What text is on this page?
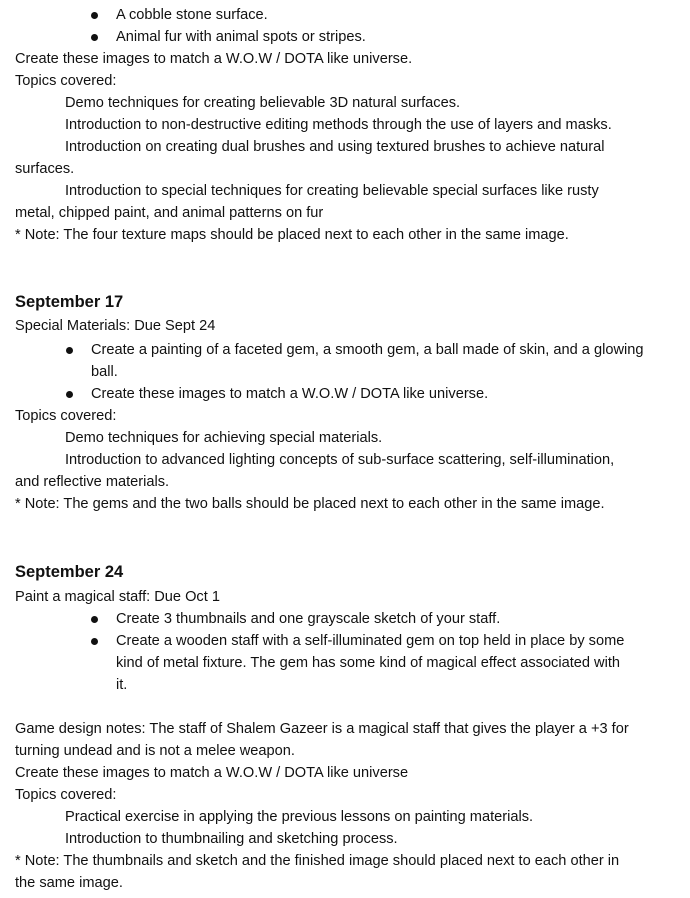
A cobble stone surface.
Animal fur with animal spots or stripes.
Create these images to match a W.O.W / DOTA like universe.
Topics covered:
Demo techniques for creating believable 3D natural surfaces.
Introduction to non-destructive editing methods through the use of layers and masks.
Introduction on creating dual brushes and using textured brushes to achieve natural
surfaces.
Introduction to special techniques for creating believable special surfaces like rusty
metal, chipped paint, and animal patterns on fur
* Note: The four texture maps should be placed next to each other in the same image.
September 17
Special Materials: Due Sept 24
Create a painting of a faceted gem, a smooth gem, a ball made of skin, and a glowing
ball.
Create these images to match a W.O.W / DOTA like universe.
Topics covered:
Demo techniques for achieving special materials.
Introduction to advanced lighting concepts of sub-surface scattering, self-illumination,
and reflective materials.
* Note: The gems and the two balls should be placed next to each other in the same image.
September 24
Paint a magical staff: Due Oct 1
Create 3 thumbnails and one grayscale sketch of your staff.
Create a wooden staff with a self-illuminated gem on top held in place by some
kind of metal fixture. The gem has some kind of magical effect associated with
it.
Game design notes: The staff of Shalem Gazeer is a magical staff that gives the player a +3 for
turning undead and is not a melee weapon.
Create these images to match a W.O.W / DOTA like universe
Topics covered:
Practical exercise in applying the previous lessons on painting materials.
Introduction to thumbnailing and sketching process.
* Note: The thumbnails and sketch and the finished image should placed next to each other in
the same image.
